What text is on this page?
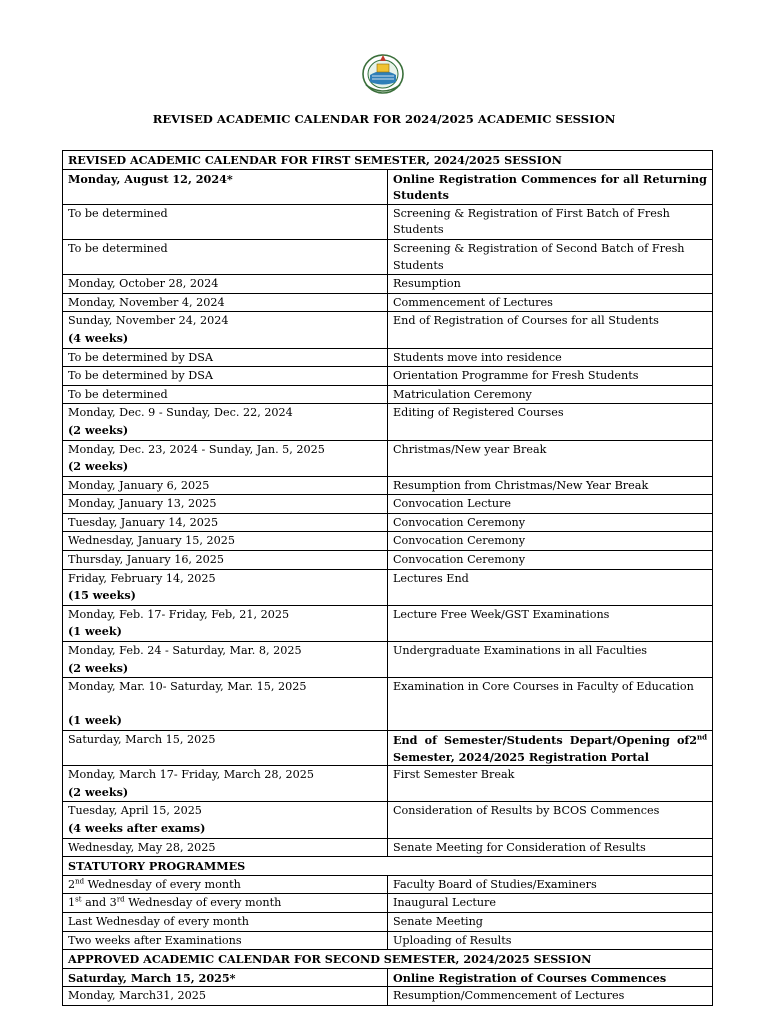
REVISED ACADEMIC CALENDAR FOR 2024/2025 ACADEMIC SESSION
REVISED ACADEMIC CALENDAR FOR FIRST SEMESTER, 2024/2025 SESSION	
Monday, August 12, 2024*	Online Registration Commences for all Returning
Students

To be determined	Screening & Registration of First Batch of Fresh Students
To be determined	Screening & Registration of Second Batch of Fresh Students
Monday, October 28, 2024	Resumption
Monday, November 4, 2024	Commencement of Lectures
Sunday, November 24, 2024
(4 weeks)	End of Registration of Courses for all Students
To be determined by DSA	Students move into residence
To be determined by DSA	Orientation Programme for Fresh Students
To be determined	Matriculation Ceremony
Monday, Dec. 9 - Sunday, Dec. 22, 2024
(2 weeks)	Editing of Registered Courses
Monday, Dec. 23, 2024 - Sunday, Jan. 5, 2025
(2 weeks)	Christmas/New year Break
Monday, January 6, 2025	Resumption from Christmas/New Year Break
Monday, January 13, 2025	Convocation Lecture
Tuesday, January 14, 2025	Convocation Ceremony
Wednesday, January 15, 2025	Convocation Ceremony
Thursday, January 16, 2025	Convocation Ceremony
Friday, February 14, 2025
(15 weeks)	Lectures End
Monday, Feb. 17- Friday, Feb, 21, 2025
(1 week)	Lecture Free Week/GST Examinations
Monday, Feb. 24 - Saturday, Mar. 8, 2025
(2 weeks)	Undergraduate Examinations in all Faculties
Monday, Mar. 10- Saturday, Mar. 15, 2025

(1 week)	Examination in Core Courses in Faculty of Education
Saturday, March 15, 2025	End of Semester/Students Depart/Opening of2nd
Semester, 2024/2025 Registration Portal

Monday, March 17- Friday, March 28, 2025
(2 weeks)	First Semester Break
Tuesday, April 15, 2025
(4 weeks after exams)	Consideration of Results by BCOS Commences
Wednesday, May 28, 2025	Senate Meeting for Consideration of Results
STATUTORY PROGRAMMES	
2nd Wednesday of every month	Faculty Board of Studies/Examiners
1st and 3rd Wednesday of every month	Inaugural Lecture
Last Wednesday of every month	Senate Meeting
Two weeks after Examinations	Uploading of Results
APPROVED ACADEMIC CALENDAR FOR SECOND SEMESTER, 2024/2025 SESSION	
Saturday, March 15, 2025*	Online Registration of Courses Commences
Monday, March31, 2025	Resumption/Commencement of Lectures
